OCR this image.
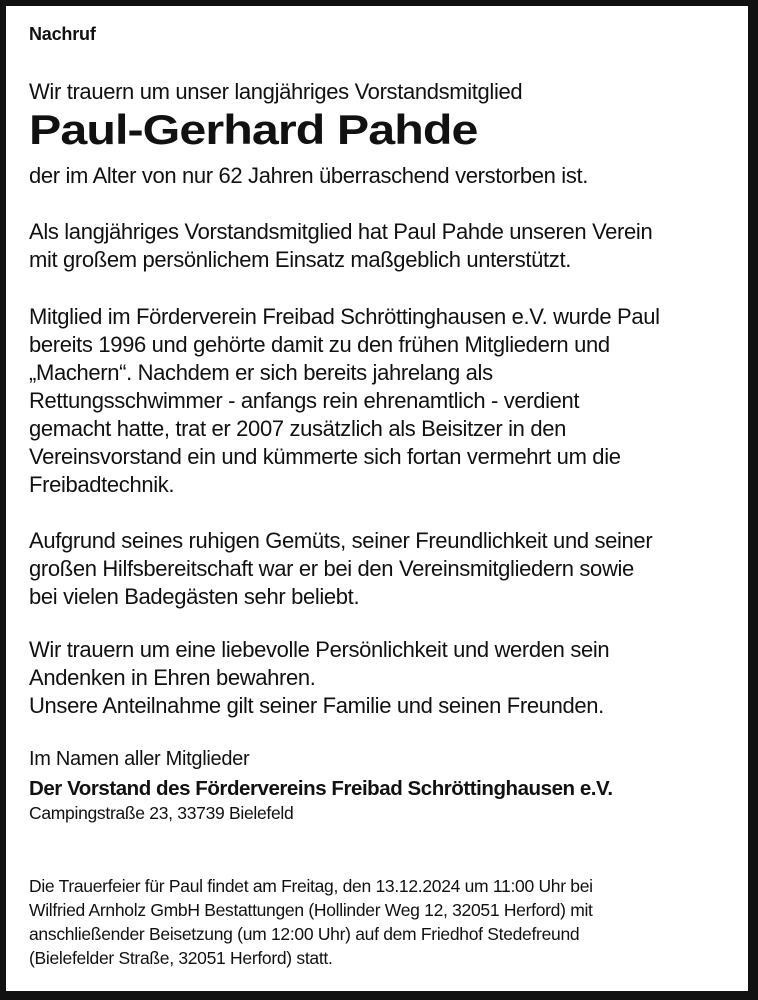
Nachruf
Wir trauern um unser langjähriges Vorstandsmitglied
Paul-Gerhard Pahde
der im Alter von nur 62 Jahren überraschend verstorben ist.
Als langjähriges Vorstandsmitglied hat Paul Pahde unseren Verein
mit großem persönlichem Einsatz maßgeblich unterstützt.
Mitglied im Förderverein Freibad Schröttinghausen e.V. wurde Paul
bereits 1996 und gehörte damit zu den frühen Mitgliedern und
„Machern“. Nachdem er sich bereits jahrelang als
Rettungsschwimmer - anfangs rein ehrenamtlich - verdient
gemacht hatte, trat er 2007 zusätzlich als Beisitzer in den
Vereinsvorstand ein und kümmerte sich fortan vermehrt um die
Freibadtechnik.
Aufgrund seines ruhigen Gemüts, seiner Freundlichkeit und seiner
großen Hilfsbereitschaft war er bei den Vereinsmitgliedern sowie
bei vielen Badegästen sehr beliebt.
Wir trauern um eine liebevolle Persönlichkeit und werden sein
Andenken in Ehren bewahren.
Unsere Anteilnahme gilt seiner Familie und seinen Freunden.
Im Namen aller Mitglieder
Der Vorstand des Fördervereins Freibad Schröttinghausen e.V.
Campingstraße 23, 33739 Bielefeld
Die Trauerfeier für Paul findet am Freitag, den 13.12.2024 um 11:00 Uhr bei
Wilfried Arnholz GmbH Bestattungen (Hollinder Weg 12, 32051 Herford) mit
anschließender Beisetzung (um 12:00 Uhr) auf dem Friedhof Stedefreund
(Bielefelder Straße, 32051 Herford) statt.
